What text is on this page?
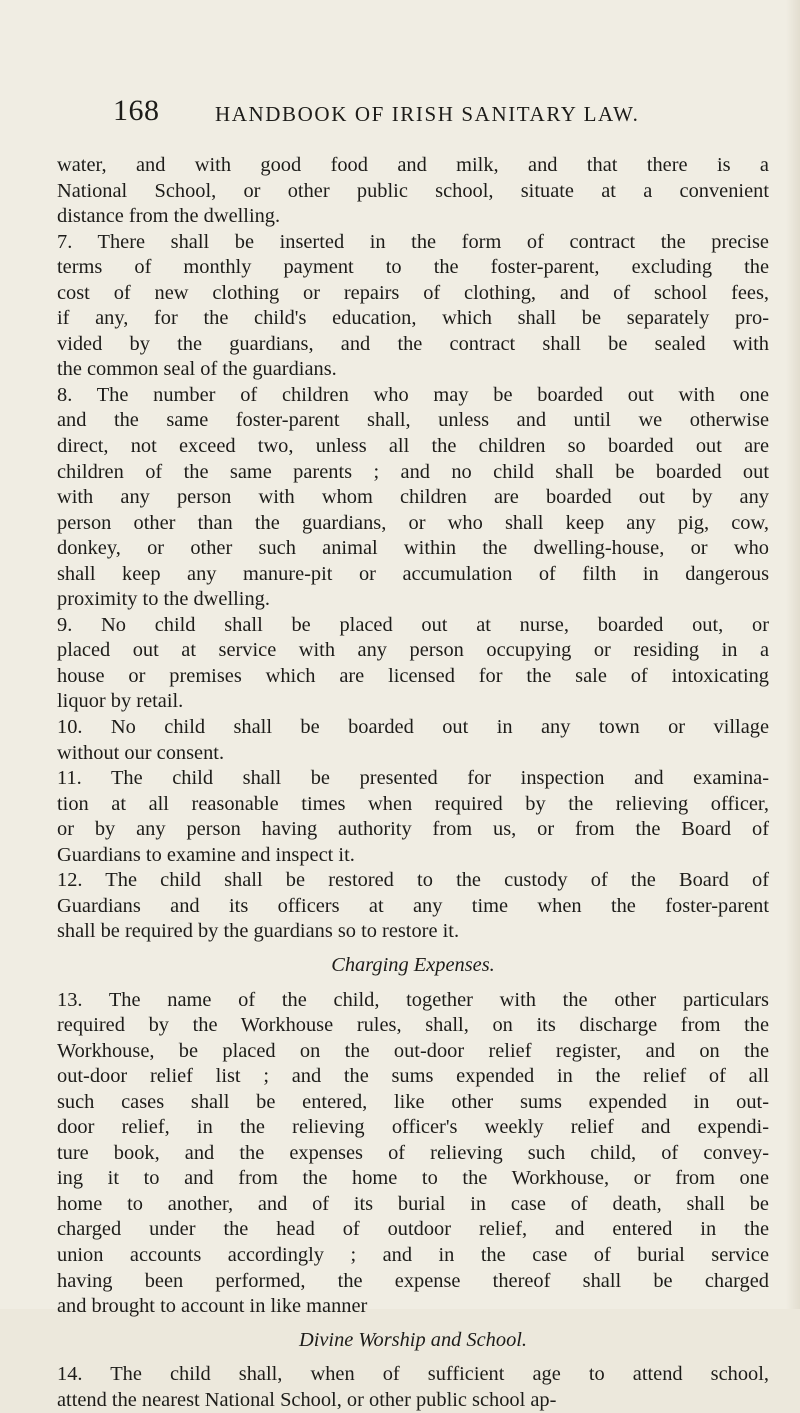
168	HANDBOOK OF IRISH SANITARY LAW.

water, and with good food and milk, and that there is a

National School, or other public school, situate at a convenient

distance from the dwelling.

7. There shall be inserted in the form of contract the precise

terms of monthly payment to the foster-parent, excluding the

cost of new clothing or repairs of clothing, and of school fees,

if any, for the child's education, which shall be separately pro-

vided by the guardians, and the contract shall be sealed with

the common seal of the guardians.

8. The number of children who may be boarded out with one

and the same foster-parent shall, unless and until we otherwise

direct, not exceed two, unless all the children so boarded out are

children of the same parents ; and no child shall be boarded out

with any person with whom children are boarded out by any

person other than the guardians, or who shall keep any pig, cow,

donkey, or other such animal within the dwelling-house, or who

shall keep any manure-pit or accumulation of filth in dangerous

proximity to the dwelling.

9. No child shall be placed out at nurse, boarded out, or

placed out at service with any person occupying or residing in a

house or premises which are licensed for the sale of intoxicating

liquor by retail.

10. No child shall be boarded out in any town or village

without our consent.

11. The child shall be presented for inspection and examina-

tion at all reasonable times when required by the relieving officer,

or by any person having authority from us, or from the Board of

Guardians to examine and inspect it.

12. The child shall be restored to the custody of the Board of

Guardians and its officers at any time when the foster-parent

shall be required by the guardians so to restore it.

Charging Expenses.

13. The name of the child, together with the other particulars

required by the Workhouse rules, shall, on its discharge from the

Workhouse, be placed on the out-door relief register, and on the

out-door relief list ; and the sums expended in the relief of all

such cases shall be entered, like other sums expended in out-

door relief, in the relieving officer's weekly relief and expendi-

ture book, and the expenses of relieving such child, of convey-

ing it to and from the home to the Workhouse, or from one

home to another, and of its burial in case of death, shall be

charged under the head of outdoor relief, and entered in the

union accounts accordingly ; and in the case of burial service

having been performed, the expense thereof shall be charged

and brought to account in like manner

Divine Worship and School.

14. The child shall, when of sufficient age to attend school,

attend the nearest National School, or other public school ap-
